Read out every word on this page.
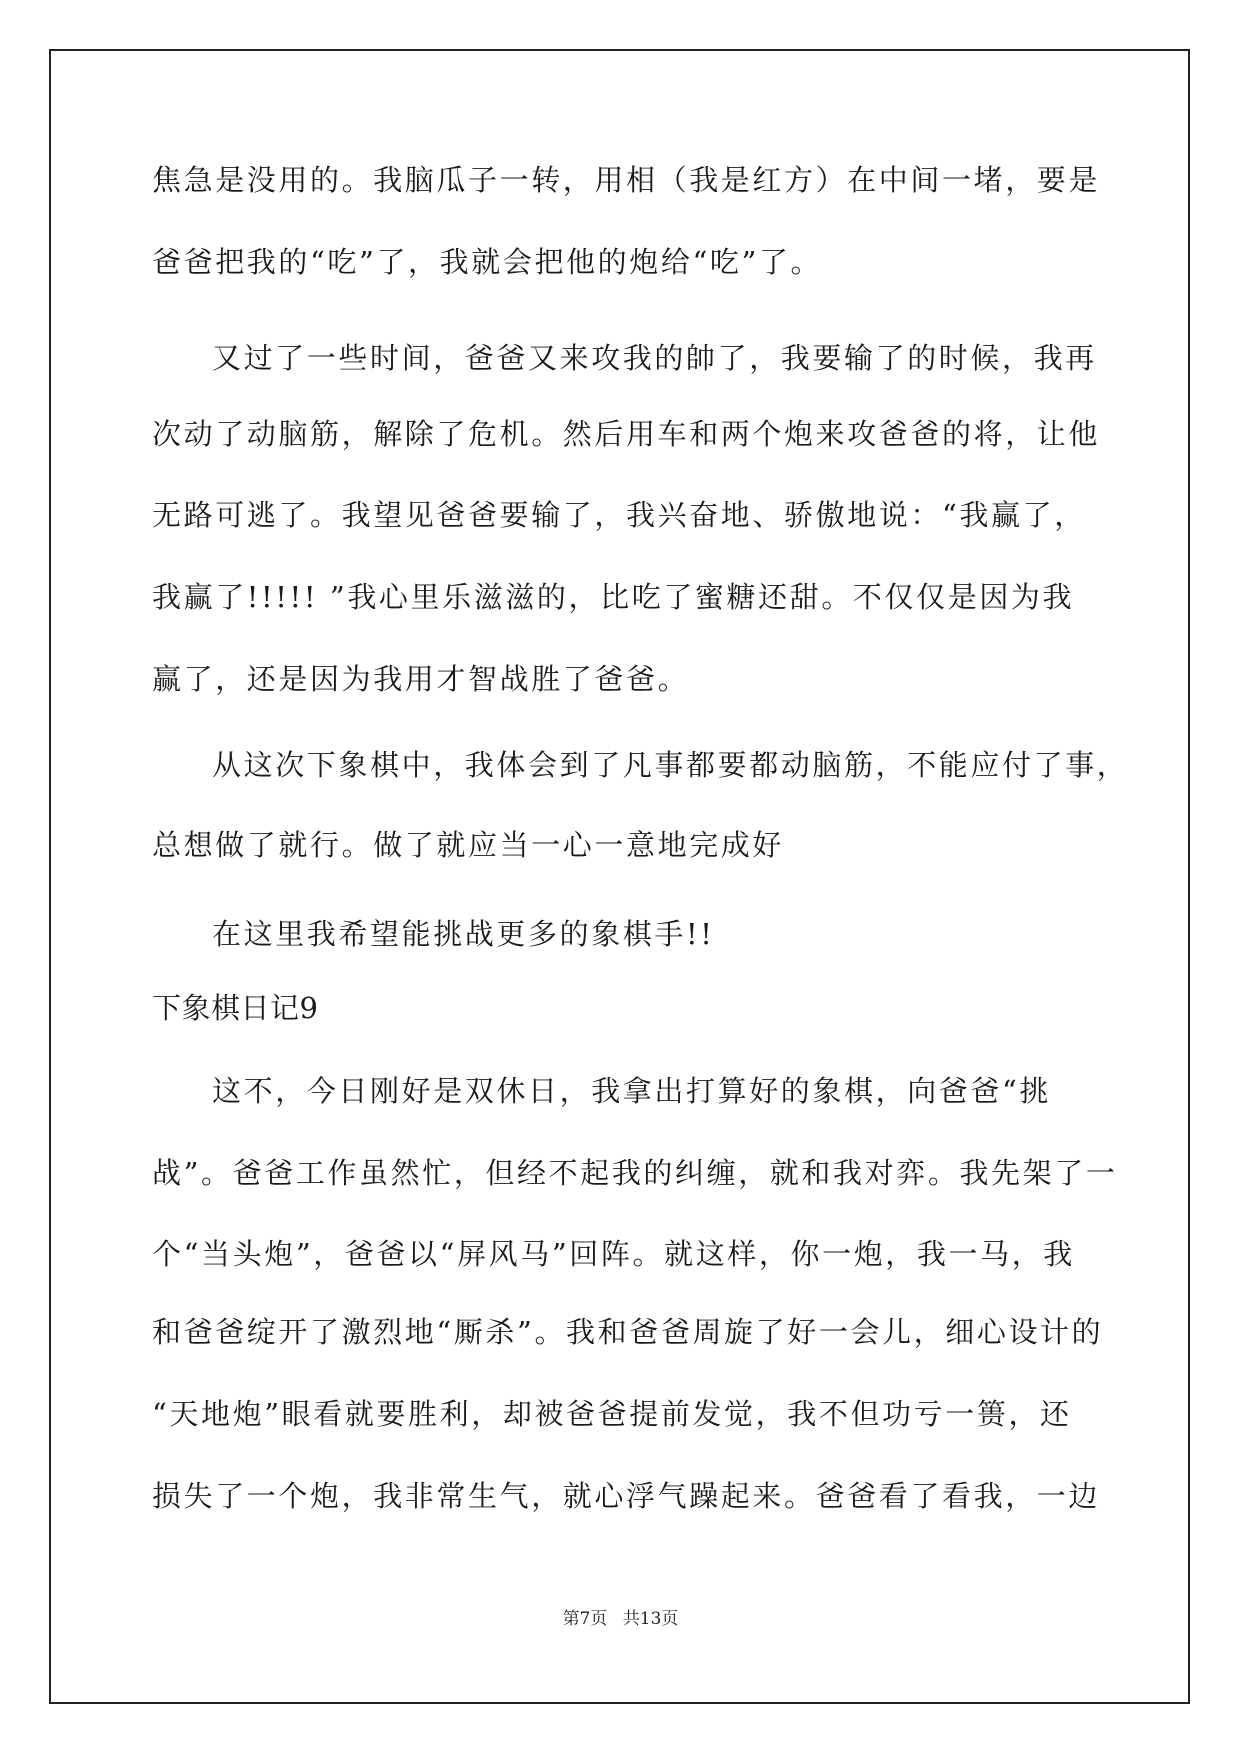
焦急是没用的。我脑瓜子一转，用相（我是红方）在中间一堵，要是
爸爸把我的“吃”了，我就会把他的炮给“吃”了。
又过了一些时间，爸爸又来攻我的帥了，我要输了的时候，我再
次动了动脑筋，解除了危机。然后用车和两个炮来攻爸爸的将，让他
无路可逃了。我望见爸爸要输了，我兴奋地、骄傲地说：“我赢了，
我赢了!!!!! ”我心里乐滋滋的，比吃了蜜糖还甜。不仅仅是因为我
赢了，还是因为我用才智战胜了爸爸。
从这次下象棋中，我体会到了凡事都要都动脑筋，不能应付了事，
总想做了就行。做了就应当一心一意地完成好
在这里我希望能挑战更多的象棋手!!
下象棋日记9
这不，今日刚好是双休日，我拿出打算好的象棋，向爸爸“挑
战”。爸爸工作虽然忙，但经不起我的纠缠，就和我对弈。我先架了一
个“当头炮”，爸爸以“屏风马”回阵。就这样，你一炮，我一马，我
和爸爸绽开了激烈地“厮杀”。我和爸爸周旋了好一会儿，细心设计的
“天地炮”眼看就要胜利，却被爸爸提前发觉，我不但功亏一篑，还
损失了一个炮，我非常生气，就心浮气躁起来。爸爸看了看我，一边
第7页 共13页
